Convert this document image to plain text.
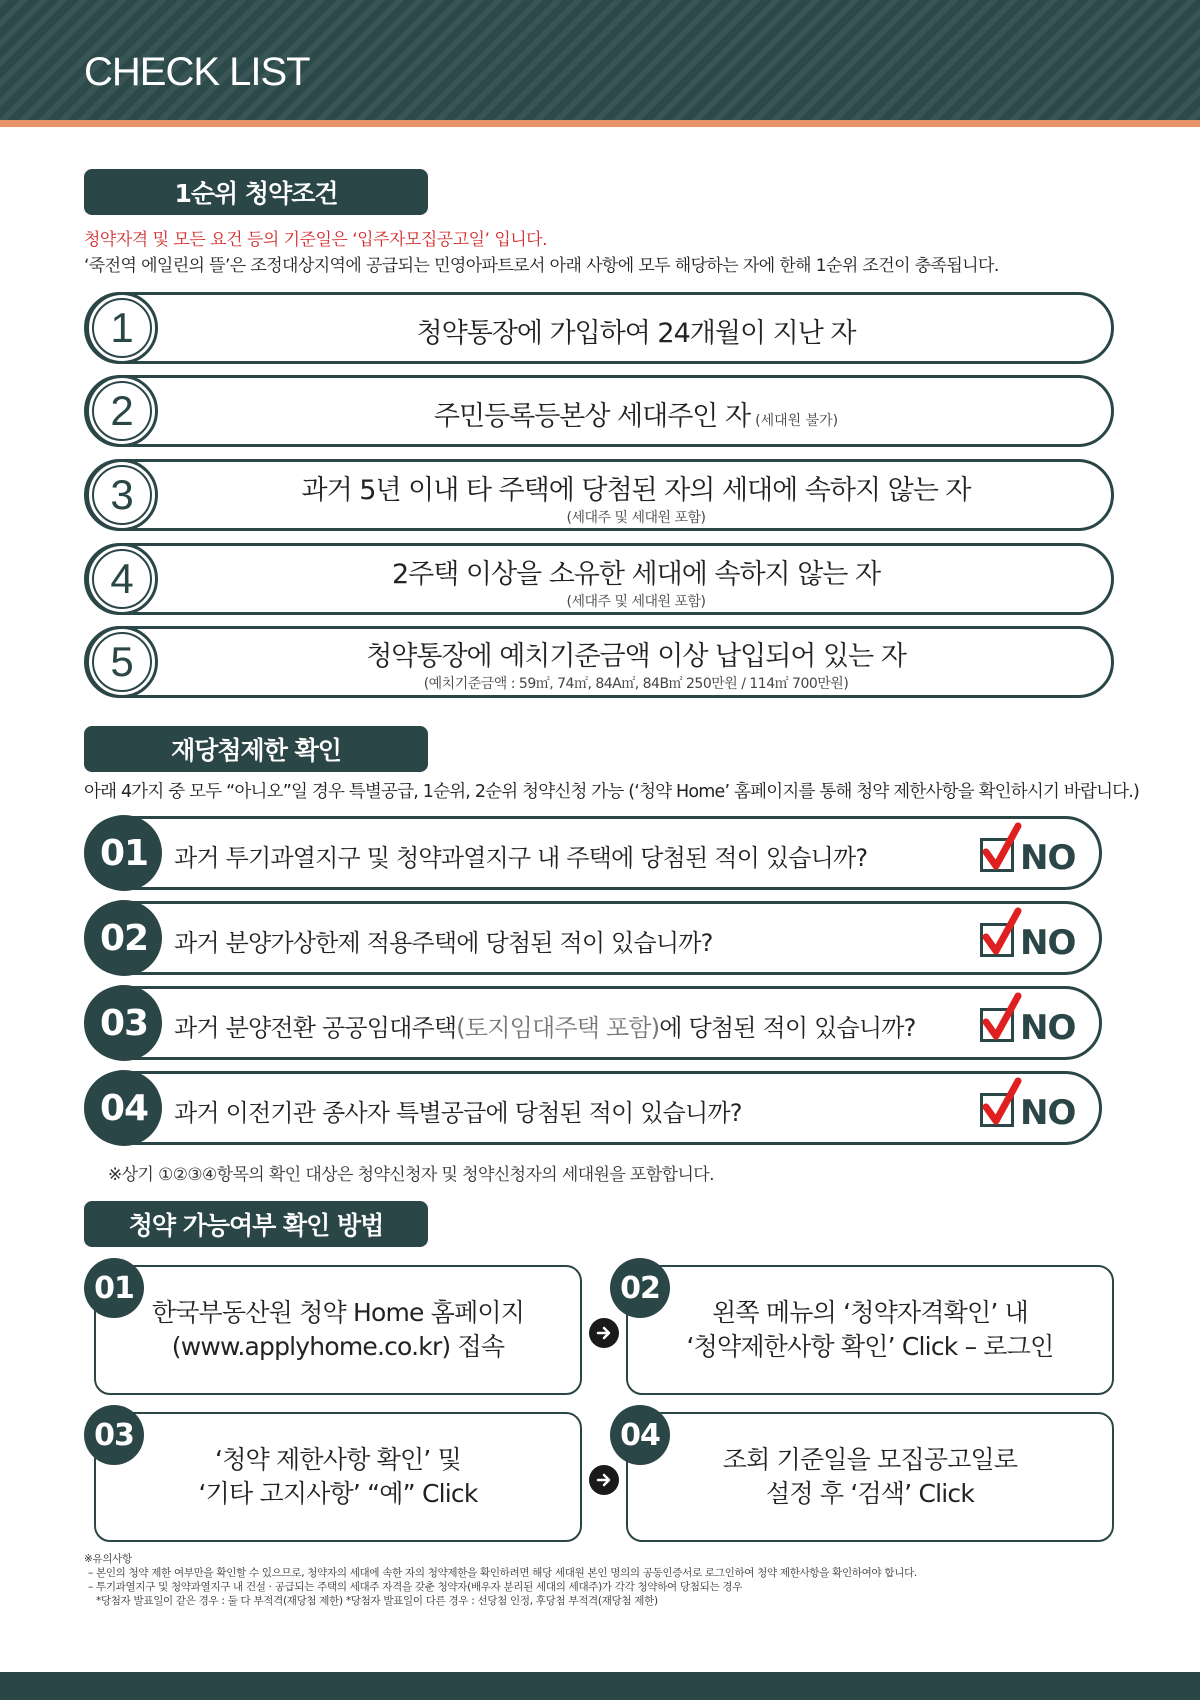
CHECK LIST
1순위 청약조건
청약자격 및 모든 요건 등의 기준일은 ‘입주자모집공고일’ 입니다.
‘죽전역 에일린의 뜰’은 조정대상지역에 공급되는 민영아파트로서 아래 사항에 모두 해당하는 자에 한해 1순위 조건이 충족됩니다.
1	청약통장에 가입하여 24개월이 지난 자
2	주민등록등본상 세대주인 자 (세대원 불가)
3	과거 5년 이내 타 주택에 당첨된 자의 세대에 속하지 않는 자
(세대주 및 세대원 포함)
4	2주택 이상을 소유한 세대에 속하지 않는 자
(세대주 및 세대원 포함)
5	청약통장에 예치기준금액 이상 납입되어 있는 자
(예치기준금액 : 59㎡, 74㎡, 84A㎡, 84B㎡ 250만원 / 114㎡ 700만원)
재당첨제한 확인
아래 4가지 중 모두 “아니오”일 경우 특별공급, 1순위, 2순위 청약신청 가능 (‘청약 Home’ 홈페이지를 통해 청약 제한사항을 확인하시기 바랍니다.)
01	과거 투기과열지구 및 청약과열지구 내 주택에 당첨된 적이 있습니까?	NO
02	과거 분양가상한제 적용주택에 당첨된 적이 있습니까?	NO
03	과거 분양전환 공공임대주택(토지임대주택 포함)에 당첨된 적이 있습니까?	NO
04	과거 이전기관 종사자 특별공급에 당첨된 적이 있습니까?	NO
※상기 ①②③④항목의 확인 대상은 청약신청자 및 청약신청자의 세대원을 포함합니다.
청약 가능여부 확인 방법
한국부동산원 청약 Home 홈페이지
(www.applyhome.co.kr) 접속
01
왼쪽 메뉴의 ‘청약자격확인’ 내
‘청약제한사항 확인’ Click – 로그인
02
‘청약 제한사항 확인’ 및
‘기타 고지사항’ “예” Click
03
조회 기준일을 모집공고일로
설정 후 ‘검색’ Click
04
※유의사항
– 본인의 청약 제한 여부만을 확인할 수 있으므로, 청약자의 세대에 속한 자의 청약제한을 확인하려면 해당 세대원 본인 명의의 공동인증서로 로그인하여 청약 제한사항을 확인하여야 합니다.
– 투기과열지구 및 청약과열지구 내 건설 · 공급되는 주택의 세대주 자격을 갖춘 청약자(배우자 분리된 세대의 세대주)가 각각 청약하여 당첨되는 경우
*당첨자 발표일이 같은 경우 : 둘 다 부적격(재당첨 제한) *당첨자 발표일이 다른 경우 : 선당첨 인정, 후당첨 부적격(재당첨 제한)
